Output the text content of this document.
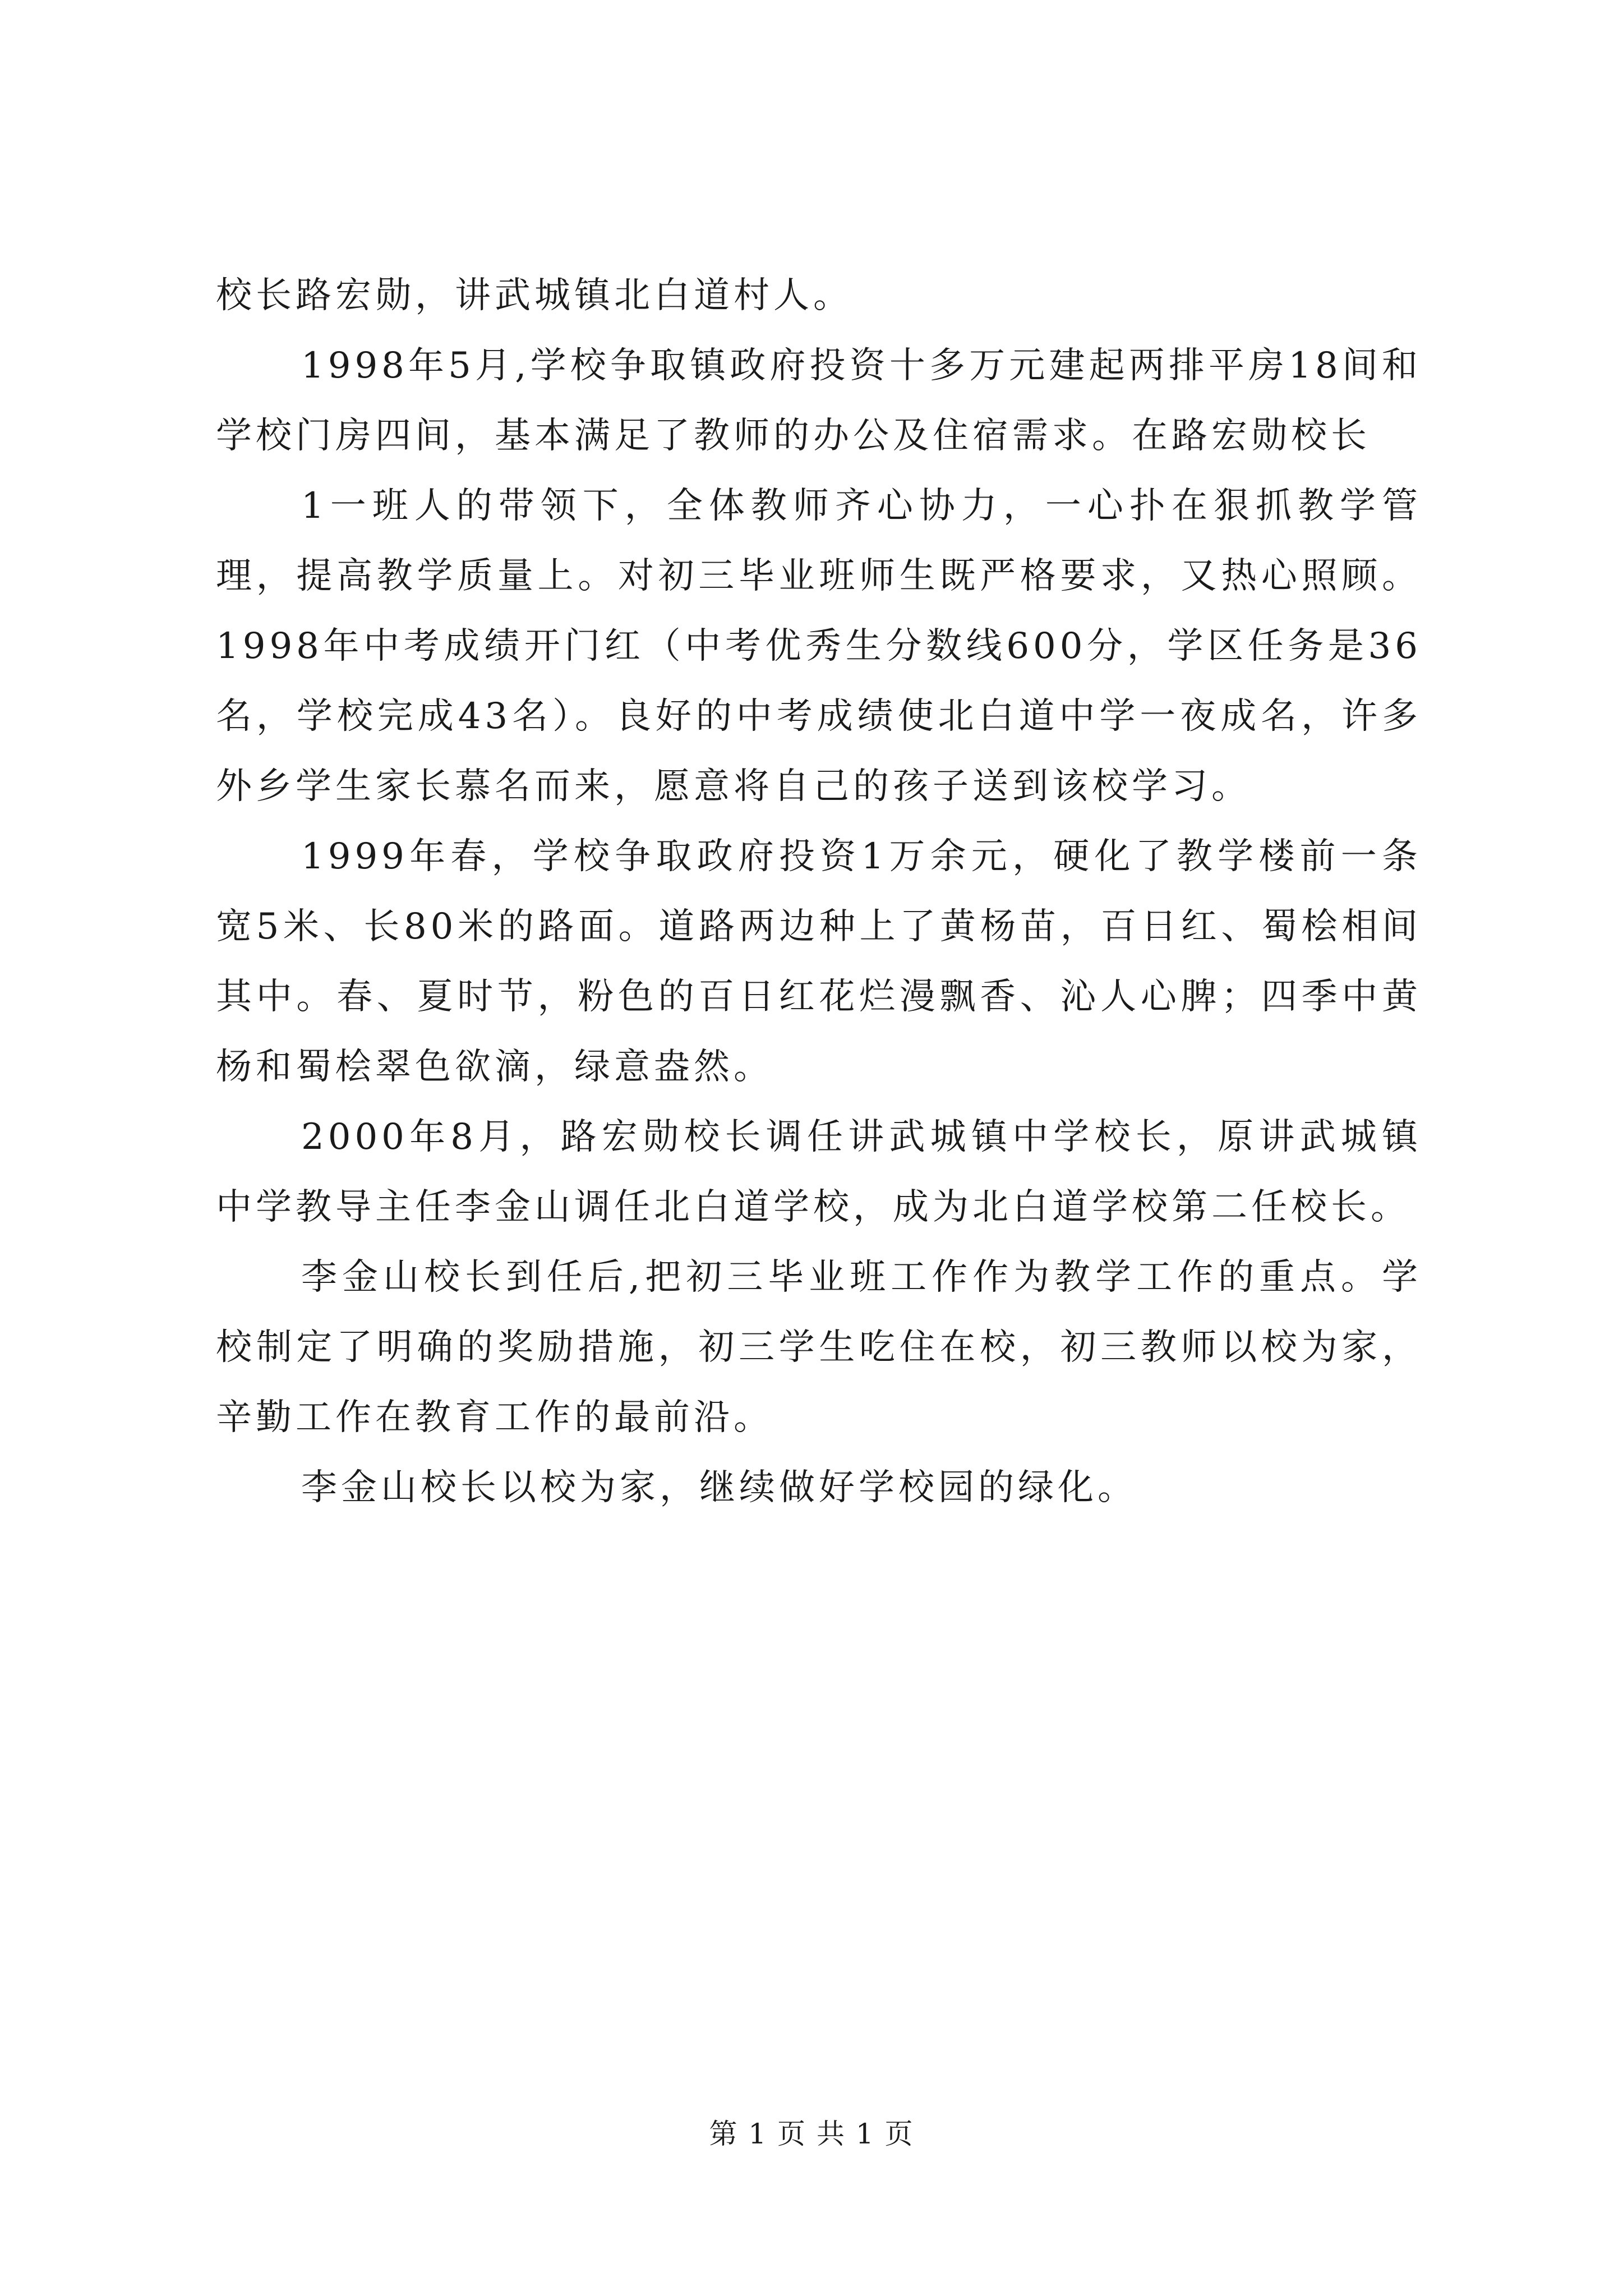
校长路宏勋，讲武城镇北白道村人。

1998年5月,学校争取镇政府投资十多万元建起两排平房18间和学校门房四间，基本满足了教师的办公及住宿需求。在路宏勋校长

1一班人的带领下，全体教师齐心协力，一心扑在狠抓教学管理，提高教学质量上。对初三毕业班师生既严格要求，又热心照顾。1998年中考成绩开门红（中考优秀生分数线600分，学区任务是36名，学校完成43名）。良好的中考成绩使北白道中学一夜成名，许多外乡学生家长慕名而来，愿意将自己的孩子送到该校学习。

1999年春，学校争取政府投资1万余元，硬化了教学楼前一条宽5米、长80米的路面。道路两边种上了黄杨苗，百日红、蜀桧相间其中。春、夏时节，粉色的百日红花烂漫飘香、沁人心脾；四季中黄杨和蜀桧翠色欲滴，绿意盎然。

2000年8月，路宏勋校长调任讲武城镇中学校长，原讲武城镇中学教导主任李金山调任北白道学校，成为北白道学校第二任校长。

李金山校长到任后,把初三毕业班工作作为教学工作的重点。学校制定了明确的奖励措施，初三学生吃住在校，初三教师以校为家，辛勤工作在教育工作的最前沿。

李金山校长以校为家，继续做好学校园的绿化。

第 1 页 共 1 页
